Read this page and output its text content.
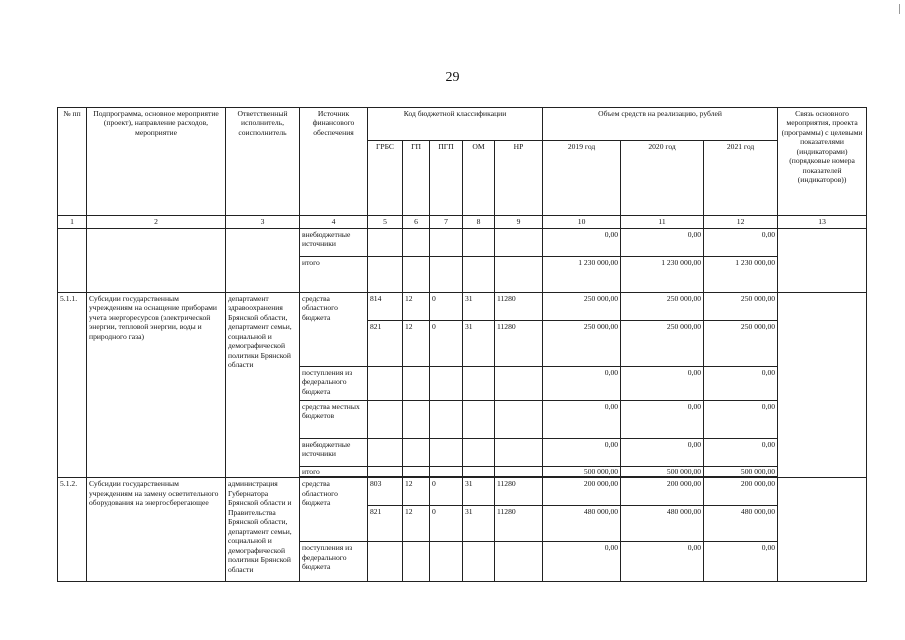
29
№ пп	Подпрограмма, основное мероприятие (проект), направление расходов, мероприятие	Ответственный исполнитель, соисполнитель	Источник финансового обеспечения	Код бюджетной классификации					Объем средств на реализацию, рублей			Связь основного мероприятия, проекта (программы) с целевыми показателями (индикаторами) (порядковые номера показателей (индикаторов))
				ГРБС	ГП	ПГП	ОМ	НР	2019 год	2020 год	2021 год	
1	2	3	4	5	6	7	8	9	10	11	12	13
			внебюджетные источники						0,00	0,00	0,00	
			итого						1 230 000,00	1 230 000,00	1 230 000,00	
5.1.1.	Субсидии государственным учреждениям на оснащение приборами учета энергоресурсов (электрической энергии, тепловой энергии, воды и природного газа)	департамент здравоохранения Брянской области, департамент семьи, социальной и демографической политики Брянской области	средства областного бюджета	814	12	0	31	11280	250 000,00	250 000,00	250 000,00	
				821	12	0	31	11280	250 000,00	250 000,00	250 000,00	
			поступления из федерального бюджета						0,00	0,00	0,00	
			средства местных бюджетов						0,00	0,00	0,00	
			внебюджетные источники						0,00	0,00	0,00	
			итого						500 000,00	500 000,00	500 000,00	

5.1.2.	Субсидии государственным учреждениям на замену осветительного оборудования на энергосберегающее	администрация Губернатора Брянской области и Правительства Брянской области, департамент семьи, социальной и демографической политики Брянской области	средства областного бюджета	803	12	0	31	11280	200 000,00	200 000,00	200 000,00	
				821	12	0	31	11280	480 000,00	480 000,00	480 000,00	
			поступления из федерального бюджета						0,00	0,00	0,00	
